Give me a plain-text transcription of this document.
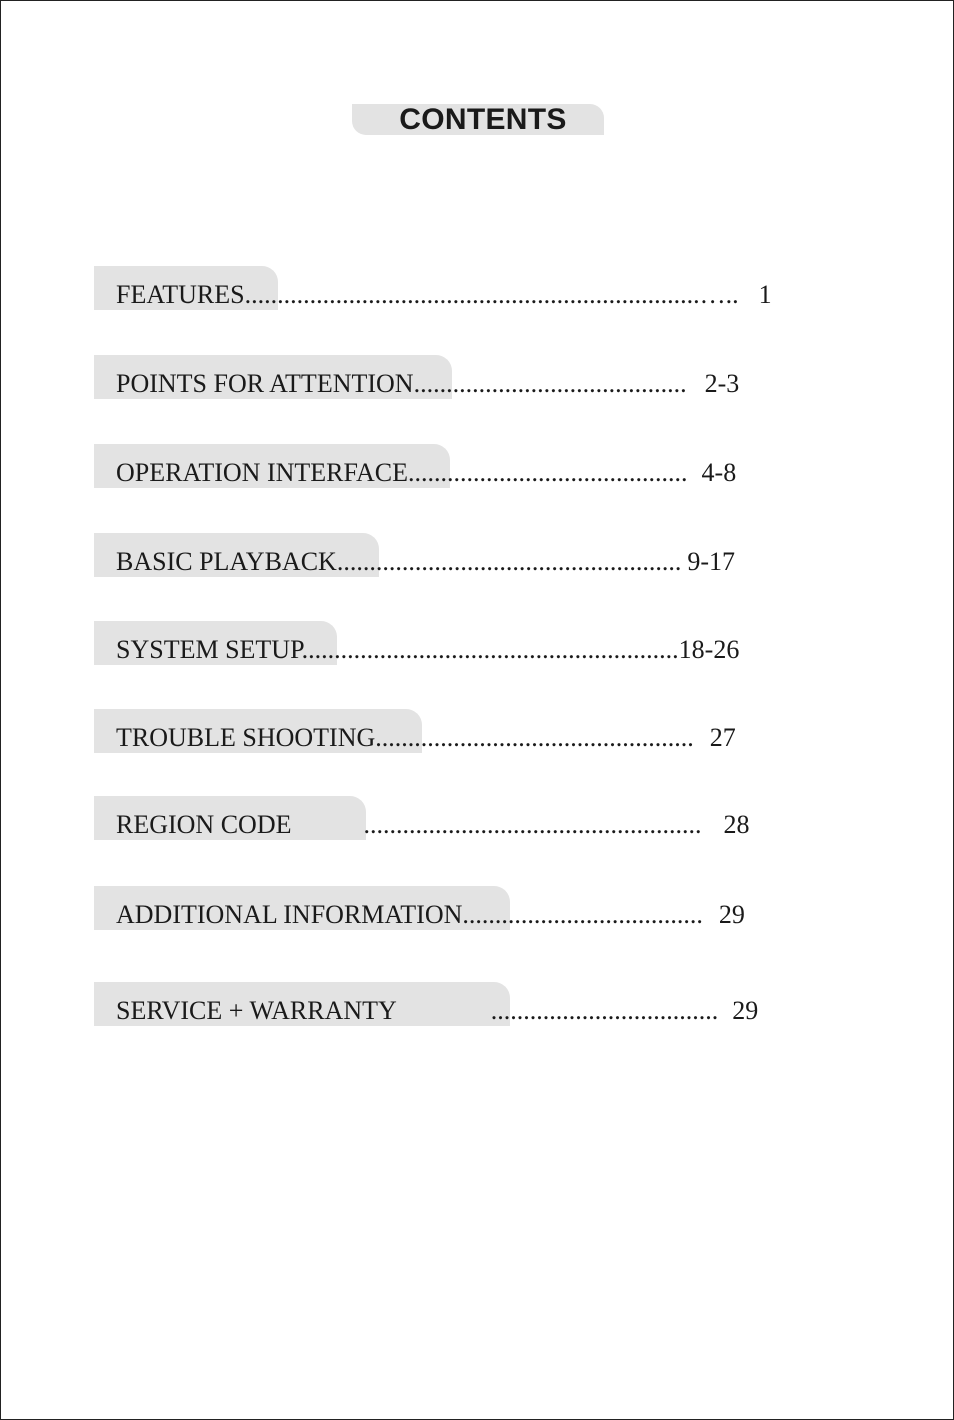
CONTENTS
FEATURES......................................................................….. 1
POINTS FOR ATTENTION.......................................... 2-3
OPERATION INTERFACE........................................... 4-8
BASIC PLAYBACK..................................................... 9-17
SYSTEM SETUP..........................................................18-26
TROUBLE SHOOTING................................................. 27
REGION CODE	.................................................... 28
ADDITIONAL INFORMATION..................................... 29
SERVICE + WARRANTY	................................... 29
